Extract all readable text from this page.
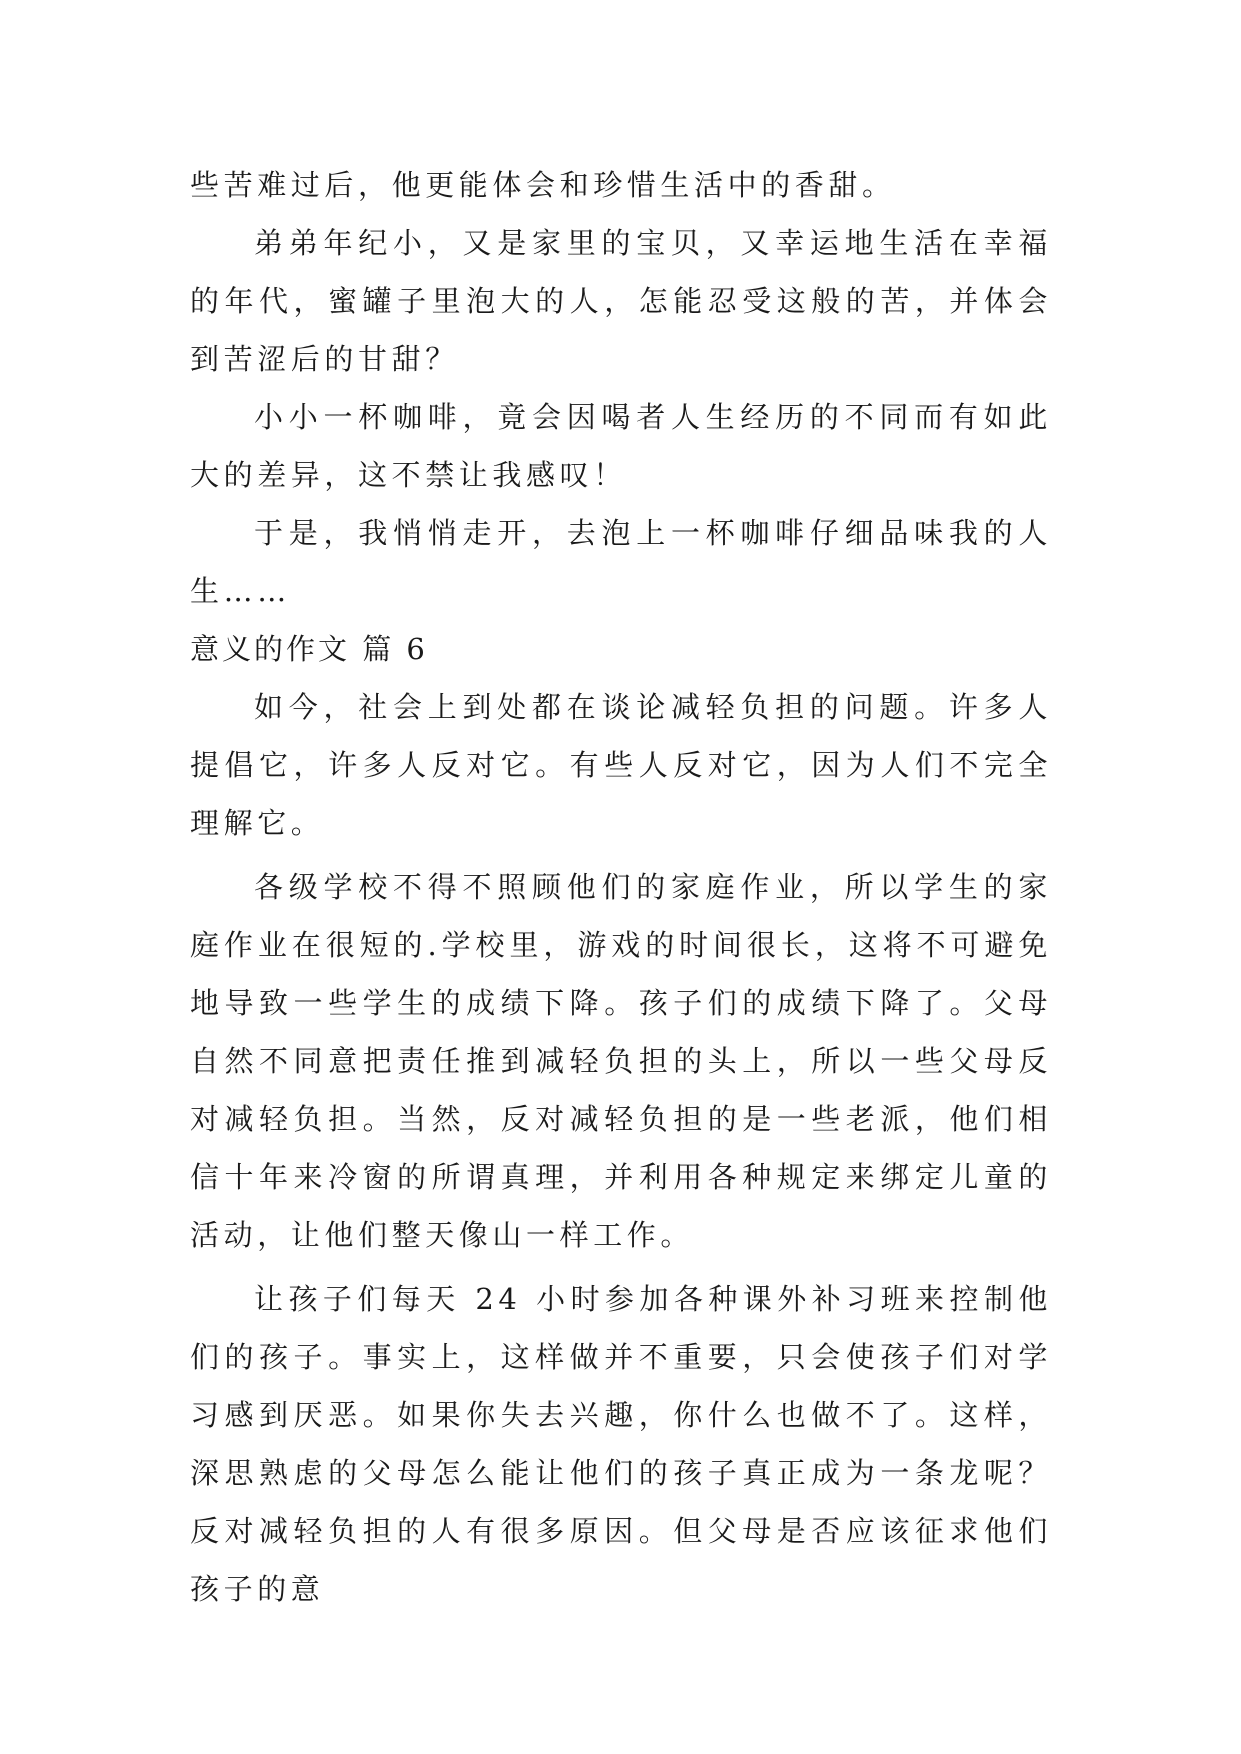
些苦难过后，他更能体会和珍惜生活中的香甜。

弟弟年纪小，又是家里的宝贝，又幸运地生活在幸福的年代，蜜罐子里泡大的人，怎能忍受这般的苦，并体会到苦涩后的甘甜？

小小一杯咖啡，竟会因喝者人生经历的不同而有如此大的差异，这不禁让我感叹！

于是，我悄悄走开，去泡上一杯咖啡仔细品味我的人生……

意义的作文 篇 6

如今，社会上到处都在谈论减轻负担的问题。许多人提倡它，许多人反对它。有些人反对它，因为人们不完全理解它。

各级学校不得不照顾他们的家庭作业，所以学生的家庭作业在很短的.学校里，游戏的时间很长，这将不可避免地导致一些学生的成绩下降。孩子们的成绩下降了。父母自然不同意把责任推到减轻负担的头上，所以一些父母反对减轻负担。当然，反对减轻负担的是一些老派，他们相信十年来冷窗的所谓真理，并利用各种规定来绑定儿童的活动，让他们整天像山一样工作。

让孩子们每天 24 小时参加各种课外补习班来控制他们的孩子。事实上，这样做并不重要，只会使孩子们对学习感到厌恶。如果你失去兴趣，你什么也做不了。这样，深思熟虑的父母怎么能让他们的孩子真正成为一条龙呢？反对减轻负担的人有很多原因。但父母是否应该征求他们孩子的意
